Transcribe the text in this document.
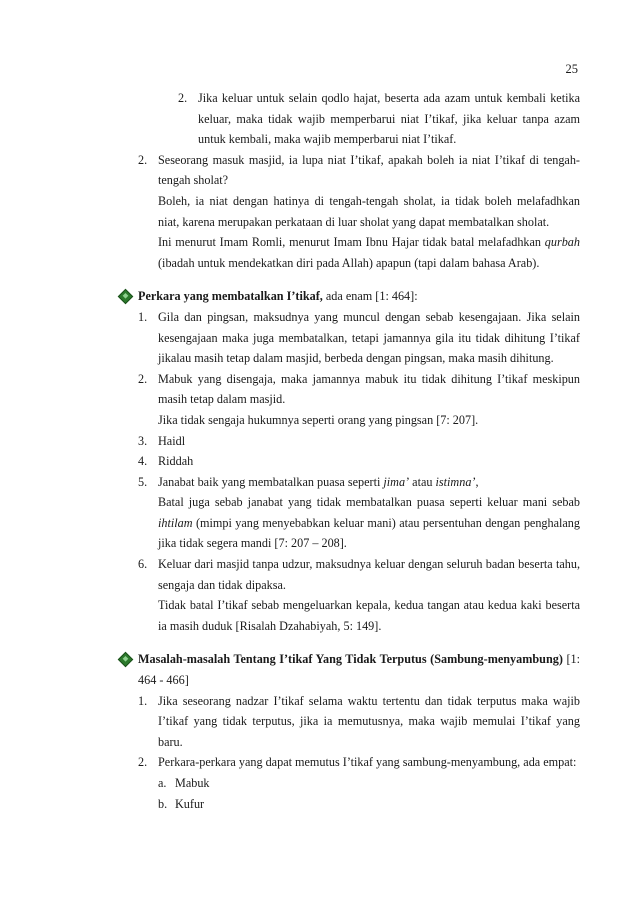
25
2. Jika keluar untuk selain qodlo hajat, beserta ada azam untuk kembali ketika keluar, maka tidak wajib memperbarui niat I’tikaf, jika keluar tanpa azam untuk kembali, maka wajib memperbarui niat I’tikaf.
2. Seseorang masuk masjid, ia lupa niat I’tikaf, apakah boleh ia niat I’tikaf di tengah-tengah sholat?
Boleh, ia niat dengan hatinya di tengah-tengah sholat, ia tidak boleh melafadhkan niat, karena merupakan perkataan di luar sholat yang dapat membatalkan sholat.
Ini menurut Imam Romli, menurut Imam Ibnu Hajar tidak batal melafadhkan qurbah (ibadah untuk mendekatkan diri pada Allah) apapun (tapi dalam bahasa Arab).
Perkara yang membatalkan I’tikaf, ada enam [1: 464]:
1. Gila dan pingsan, maksudnya yang muncul dengan sebab kesengajaan. Jika selain kesengajaan maka juga membatalkan, tetapi jamannya gila itu tidak dihitung I’tikaf jikalau masih tetap dalam masjid, berbeda dengan pingsan, maka masih dihitung.
2. Mabuk yang disengaja, maka jamannya mabuk itu tidak dihitung I’tikaf meskipun masih tetap dalam masjid.
Jika tidak sengaja hukumnya seperti orang yang pingsan [7: 207].
3. Haidl
4. Riddah
5. Janabat baik yang membatalkan puasa seperti jima’ atau istimna’,
Batal juga sebab janabat yang tidak membatalkan puasa seperti keluar mani sebab ihtilam (mimpi yang menyebabkan keluar mani) atau persentuhan dengan penghalang jika tidak segera mandi [7: 207 – 208].
6. Keluar dari masjid tanpa udzur, maksudnya keluar dengan seluruh badan beserta tahu, sengaja dan tidak dipaksa.
Tidak batal I’tikaf sebab mengeluarkan kepala, kedua tangan atau kedua kaki beserta ia masih duduk [Risalah Dzahabiyah, 5: 149].
Masalah-masalah Tentang I’tikaf Yang Tidak Terputus (Sambung-menyambung) [1: 464 - 466]
1. Jika seseorang nadzar I’tikaf selama waktu tertentu dan tidak terputus maka wajib I’tikaf yang tidak terputus, jika ia memutusnya, maka wajib memulai I’tikaf yang baru.
2. Perkara-perkara yang dapat memutus I’tikaf yang sambung-menyambung, ada empat:
a. Mabuk
b. Kufur
